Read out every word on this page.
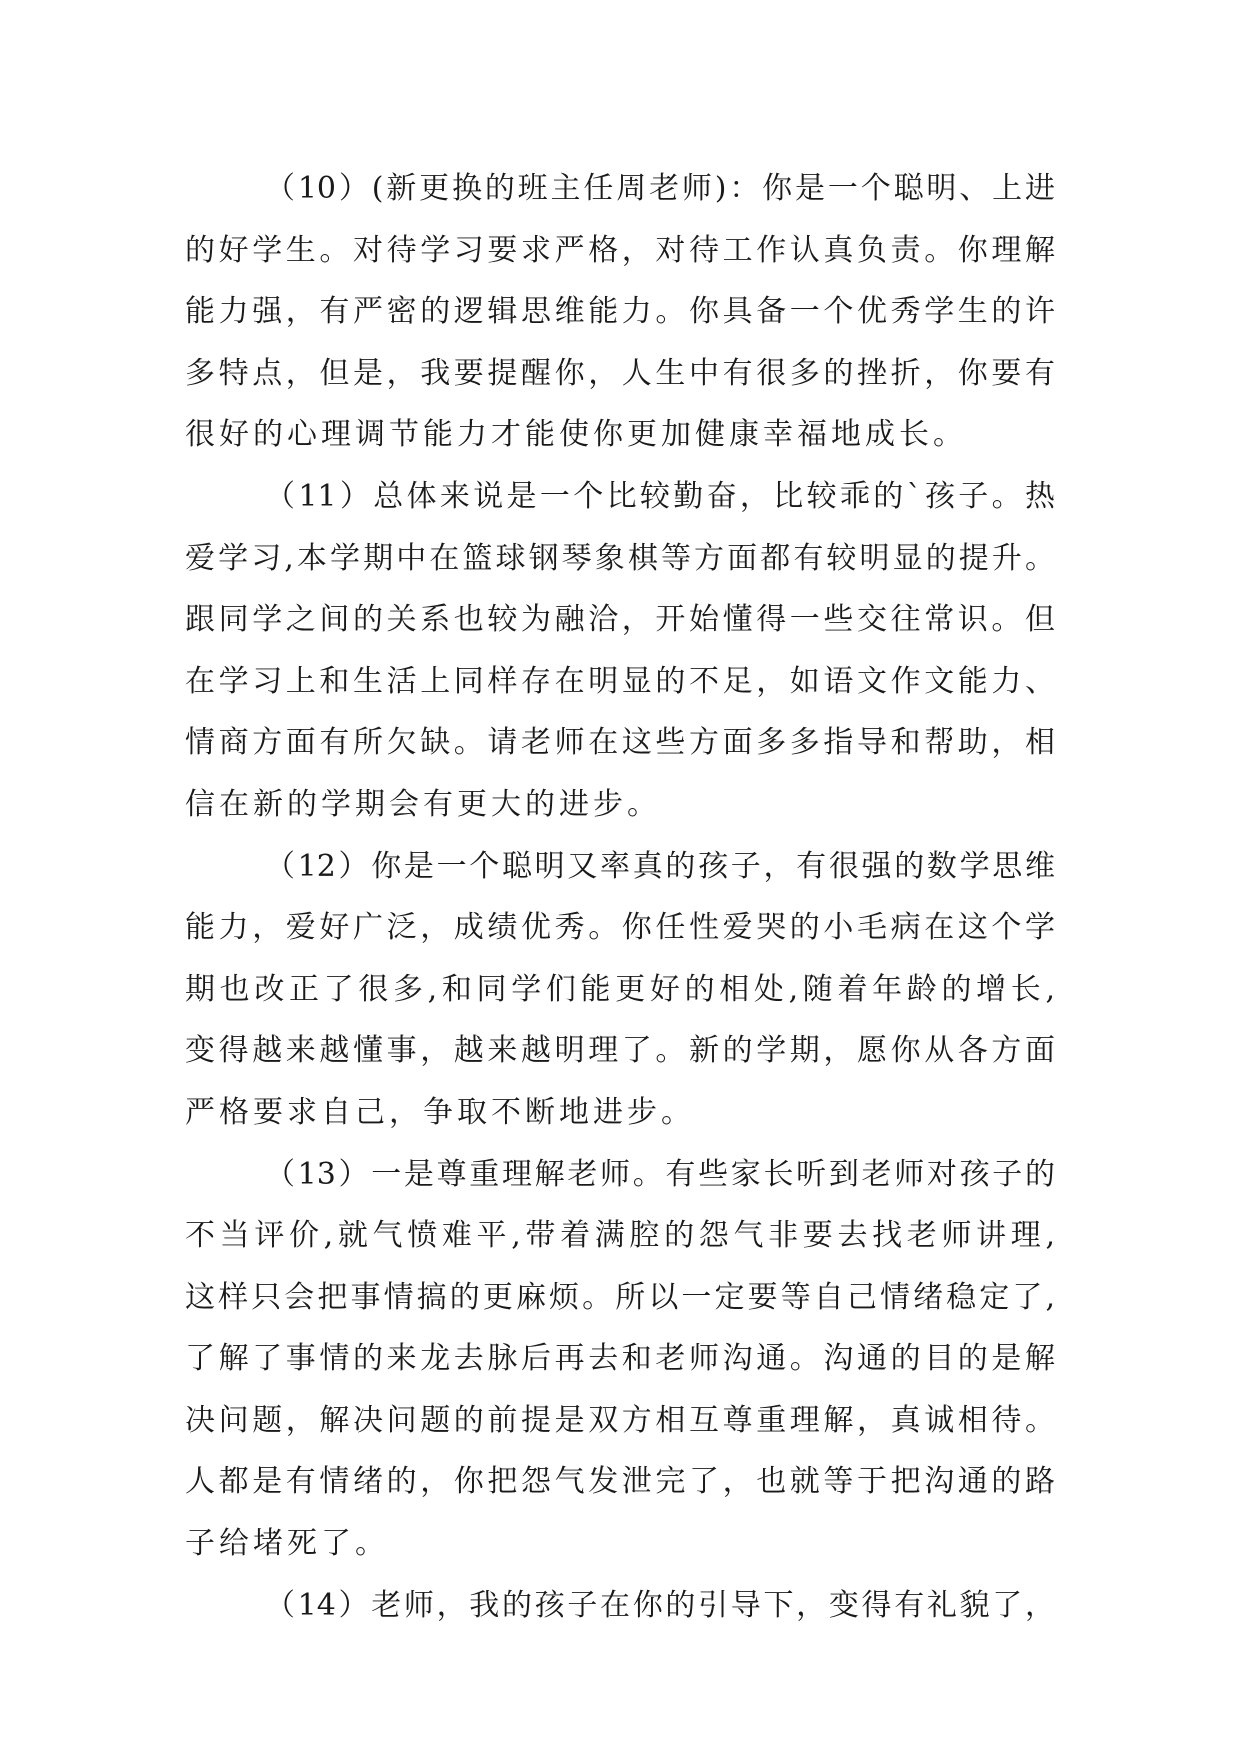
（10）(新更换的班主任周老师)：你是一个聪明、上进
的好学生。对待学习要求严格，对待工作认真负责。你理解
能力强，有严密的逻辑思维能力。你具备一个优秀学生的许
多特点，但是，我要提醒你，人生中有很多的挫折，你要有
很好的心理调节能力才能使你更加健康幸福地成长。
（11）总体来说是一个比较勤奋，比较乖的`孩子。热
爱学习,本学期中在篮球钢琴象棋等方面都有较明显的提升。
跟同学之间的关系也较为融洽，开始懂得一些交往常识。但
在学习上和生活上同样存在明显的不足，如语文作文能力、
情商方面有所欠缺。请老师在这些方面多多指导和帮助，相
信在新的学期会有更大的进步。
（12）你是一个聪明又率真的孩子，有很强的数学思维
能力，爱好广泛，成绩优秀。你任性爱哭的小毛病在这个学
期也改正了很多,和同学们能更好的相处,随着年龄的增长,
变得越来越懂事，越来越明理了。新的学期，愿你从各方面
严格要求自己，争取不断地进步。
（13）一是尊重理解老师。有些家长听到老师对孩子的
不当评价,就气愤难平,带着满腔的怨气非要去找老师讲理,
这样只会把事情搞的更麻烦。所以一定要等自己情绪稳定了,
了解了事情的来龙去脉后再去和老师沟通。沟通的目的是解
决问题，解决问题的前提是双方相互尊重理解，真诚相待。
人都是有情绪的，你把怨气发泄完了，也就等于把沟通的路
子给堵死了。
（14）老师，我的孩子在你的引导下，变得有礼貌了，
